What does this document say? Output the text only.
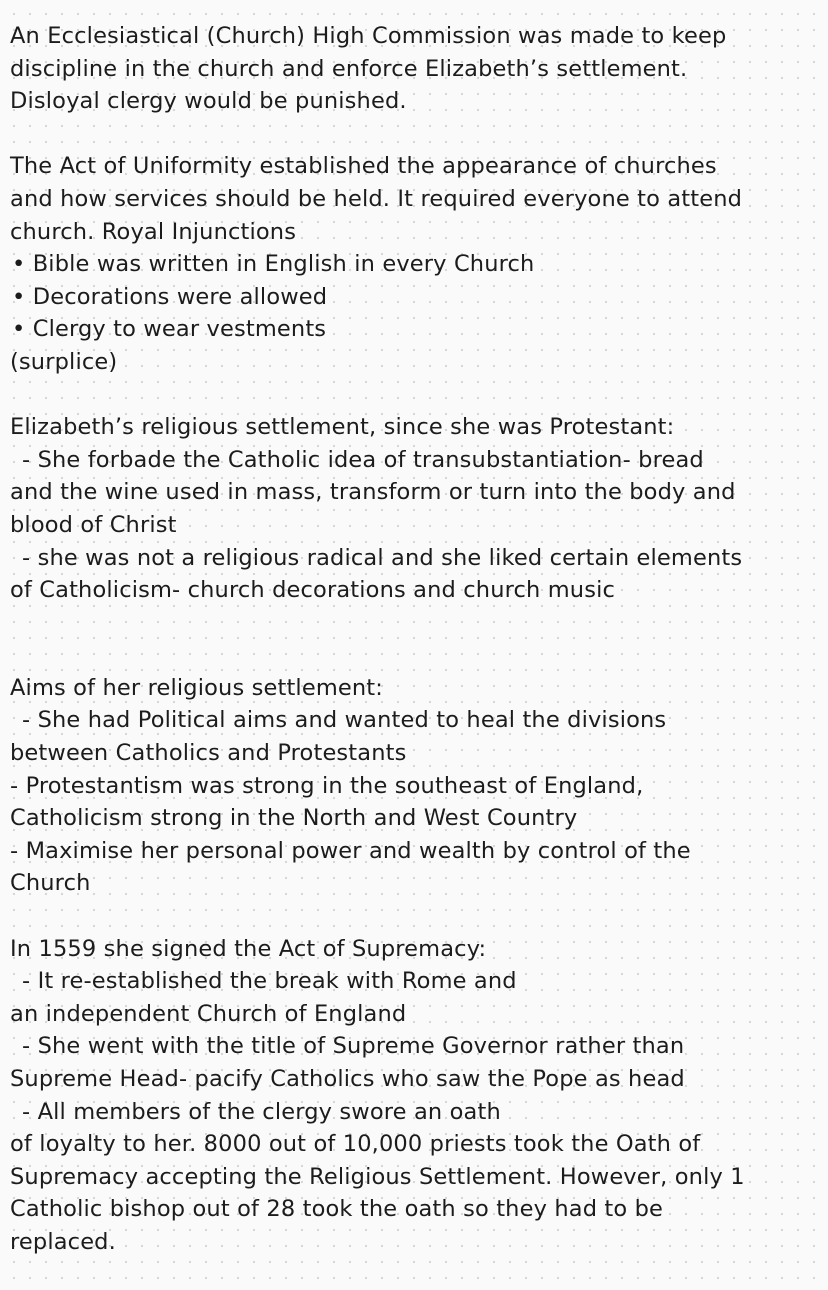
An Ecclesiastical (Church) High Commission was made to keep
discipline in the church and enforce Elizabeth’s settlement.
Disloyal clergy would be punished.
The Act of Uniformity established the appearance of churches
and how services should be held. It required everyone to attend
church. Royal Injunctions
• Bible was written in English in every Church
• Decorations were allowed
• Clergy to wear vestments
(surplice)
Elizabeth’s religious settlement, since she was Protestant:
- She forbade the Catholic idea of transubstantiation- bread
and the wine used in mass, transform or turn into the body and
blood of Christ
- she was not a religious radical and she liked certain elements
of Catholicism- church decorations and church music
Aims of her religious settlement:
- She had Political aims and wanted to heal the divisions
between Catholics and Protestants
- Protestantism was strong in the southeast of England,
Catholicism strong in the North and West Country
- Maximise her personal power and wealth by control of the
Church
In 1559 she signed the Act of Supremacy:
- It re-established the break with Rome and
an independent Church of England
- She went with the title of Supreme Governor rather than
Supreme Head- pacify Catholics who saw the Pope as head
- All members of the clergy swore an oath
of loyalty to her. 8000 out of 10,000 priests took the Oath of
Supremacy accepting the Religious Settlement. However, only 1
Catholic bishop out of 28 took the oath so they had to be
replaced.
